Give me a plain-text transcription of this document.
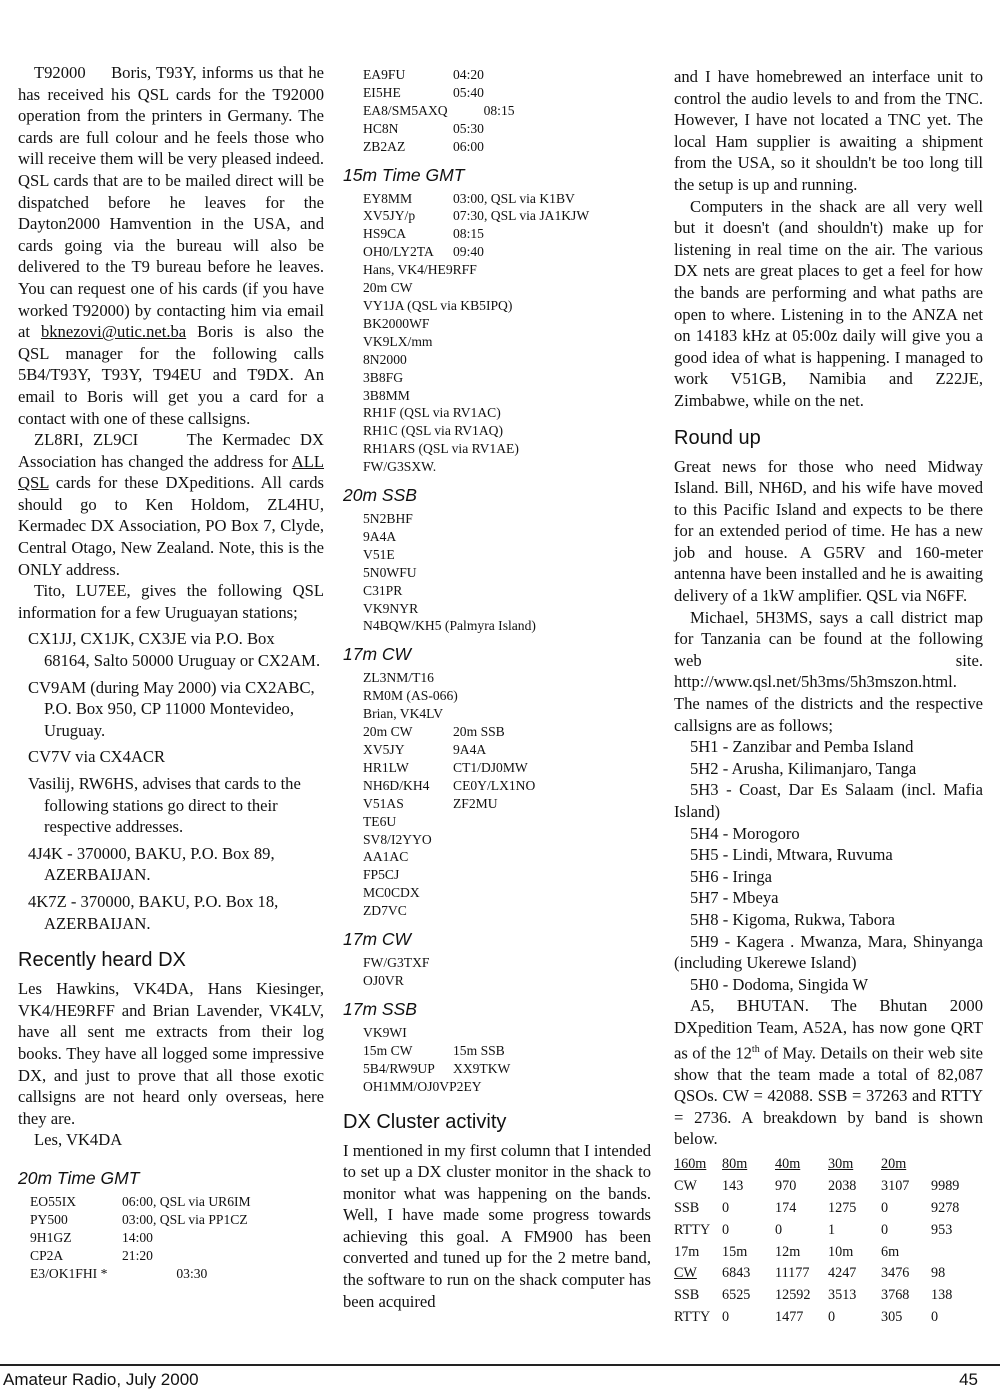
T92000 Boris, T93Y, informs us that he has received his QSL cards for the T92000 operation from the printers in Germany. The cards are full colour and he feels those who will receive them will be very pleased indeed. QSL cards that are to be mailed direct will be dispatched before he leaves for the Dayton2000 Hamvention in the USA, and cards going via the bureau will also be delivered to the T9 bureau before he leaves. You can request one of his cards (if you have worked T92000) by contacting him via email at bknezovi@utic.net.ba Boris is also the QSL manager for the following calls 5B4/T93Y, T93Y, T94EU and T9DX. An email to Boris will get you a card for a contact with one of these callsigns.

ZL8RI, ZL9CI	The Kermadec DX Association has changed the address for ALL QSL cards for these DXpeditions. All cards should go to Ken Holdom, ZL4HU, Kermadec DX Association, PO Box 7, Clyde, Central Otago, New Zealand. Note, this is the ONLY address.

Tito, LU7EE, gives the following QSL information for a few Uruguayan stations;

CX1JJ, CX1JK, CX3JE via P.O. Box 68164, Salto 50000 Uruguay or CX2AM.

CV9AM (during May 2000) via CX2ABC, P.O. Box 950, CP 11000 Montevideo, Uruguay.

CV7V via CX4ACR

Vasilij, RW6HS, advises that cards to the following stations go direct to their respective addresses.

4J4K - 370000, BAKU, P.O. Box 89, AZERBAIJAN.

4K7Z - 370000, BAKU, P.O. Box 18, AZERBAIJAN.

Recently heard DX

Les Hawkins, VK4DA, Hans Kiesinger, VK4/HE9RFF and Brian Lavender, VK4LV, have all sent me extracts from their log books. They have all logged some impressive DX, and just to prove that all those exotic callsigns are not heard only overseas, here they are.

Les, VK4DA

20m Time GMT
EO55IX	06:00, QSL via UR6IM
PY500	03:00, QSL via PP1CZ
9H1GZ	14:00
CP2A	21:20
E3/OK1FHI *	03:30
EA9FU	04:20
EI5HE	05:40
EA8/SM5AXQ 08:15
HC8N	05:30
ZB2AZ	06:00
15m Time GMT
EY8MM	03:00, QSL via K1BV
XV5JY/p	07:30, QSL via JA1KJW
HS9CA	08:15
OH0/LY2TA	09:40
Hans, VK4/HE9RFF
20m CW
VY1JA (QSL via KB5IPQ)
BK2000WF
VK9LX/mm
8N2000
3B8FG
3B8MM
RH1F (QSL via RV1AC)
RH1C (QSL via RV1AQ)
RH1ARS (QSL via RV1AE)
FW/G3SXW.
20m SSB
5N2BHF
9A4A
V51E
5N0WFU
C31PR
VK9NYR
N4BQW/KH5 (Palmyra Island)
17m CW
ZL3NM/T16
RM0M (AS-066)
Brian, VK4LV
20m CW	20m SSB
XV5JY	9A4A
HR1LW	CT1/DJ0MW
NH6D/KH4	CE0Y/LX1NO
V51AS	ZF2MU
TE6U
SV8/I2YYO
AA1AC
FP5CJ
MC0CDX
ZD7VC
17m CW
FW/G3TXF
OJ0VR
17m SSB
VK9WI
15m CW	15m SSB
5B4/RW9UP	XX9TKW
OH1MM/OJ0VP2EY
DX Cluster activity

I mentioned in my first column that I intended to set up a DX cluster monitor in the shack to monitor what was happening on the bands. Well, I have made some progress towards achieving this goal. A FM900 has been converted and tuned up for the 2 metre band, the software to run on the shack computer has been acquired

and I have homebrewed an interface unit to control the audio levels to and from the TNC. However, I have not located a TNC yet. The local Ham supplier is awaiting a shipment from the USA, so it shouldn't be too long till the setup is up and running.

Computers in the shack are all very well but it doesn't (and shouldn't) make up for listening in real time on the air. The various DX nets are great places to get a feel for how the bands are performing and what paths are open to where. Listening in to the ANZA net on 14183 kHz at 05:00z daily will give you a good idea of what is happening. I managed to work V51GB, Namibia and Z22JE, Zimbabwe, while on the net.

Round up

Great news for those who need Midway Island. Bill, NH6D, and his wife have moved to this Pacific Island and expects to be there for an extended period of time. He has a new job and house. A G5RV and 160-meter antenna have been installed and he is awaiting delivery of a 1kW amplifier. QSL via N6FF.

Michael, 5H3MS, says a call district map for Tanzania can be found at the following web site. http://www.qsl.net/5h3ms/5h3mszon.html. The names of the districts and the respective callsigns are as follows;

5H1 - Zanzibar and Pemba Island

5H2 - Arusha, Kilimanjaro, Tanga

5H3 - Coast, Dar Es Salaam (incl. Mafia Island)

5H4 - Morogoro

5H5 - Lindi, Mtwara, Ruvuma

5H6 - Iringa

5H7 - Mbeya

5H8 - Kigoma, Rukwa, Tabora

5H9 - Kagera . Mwanza, Mara, Shinyanga (including Ukerewe Island)

5H0 - Dodoma, Singida W

A5, BHUTAN. The Bhutan 2000 DXpedition Team, A52A, has now gone QRT as of the 12th of May. Details on their web site show that the team made a total of 82,087 QSOs. CW = 42088. SSB = 37263 and RTTY = 2736. A breakdown by band is shown below.

160m	80m	40m	30m	20m	
CW	143	970	2038	3107	9989
SSB	0	174	1275	0	9278
RTTY	0	0	1	0	953
17m	15m	12m	10m	6m	
CW	6843	11177	4247	3476	98
SSB	6525	12592	3513	3768	138
RTTY	0	1477	0	305	0
Amateur Radio, July 2000	45
